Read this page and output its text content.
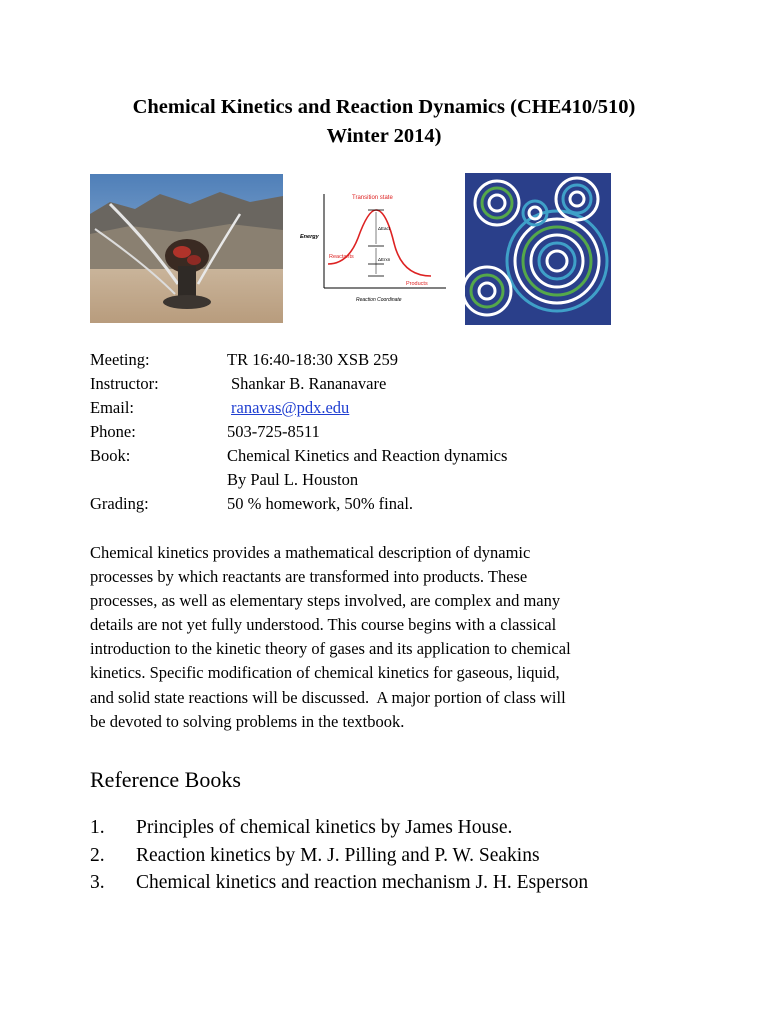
Chemical Kinetics and Reaction Dynamics (CHE410/510)
Winter 2014)
Transition state
Energy
Reactants
Products
ΔEact
ΔErxn
Reaction Coordinate
Meeting:	TR 16:40-18:30 XSB 259
Instructor:	Shankar B. Rananavare
Email:	ranavas@pdx.edu
Phone:	503-725-8511
Book:	Chemical Kinetics and Reaction dynamics
By Paul L. Houston
Grading:	50 % homework, 50% final.
Chemical kinetics provides a mathematical description of dynamic
processes by which reactants are transformed into products. These
processes, as well as elementary steps involved, are complex and many
details are not yet fully understood. This course begins with a classical
introduction to the kinetic theory of gases and its application to chemical
kinetics. Specific modification of chemical kinetics for gaseous, liquid,
and solid state reactions will be discussed.  A major portion of class will
be devoted to solving problems in the textbook.
Reference Books
1.	Principles of chemical kinetics by James House.
2.	Reaction kinetics by M. J. Pilling and P. W. Seakins
3.	Chemical kinetics and reaction mechanism J. H. Esperson
